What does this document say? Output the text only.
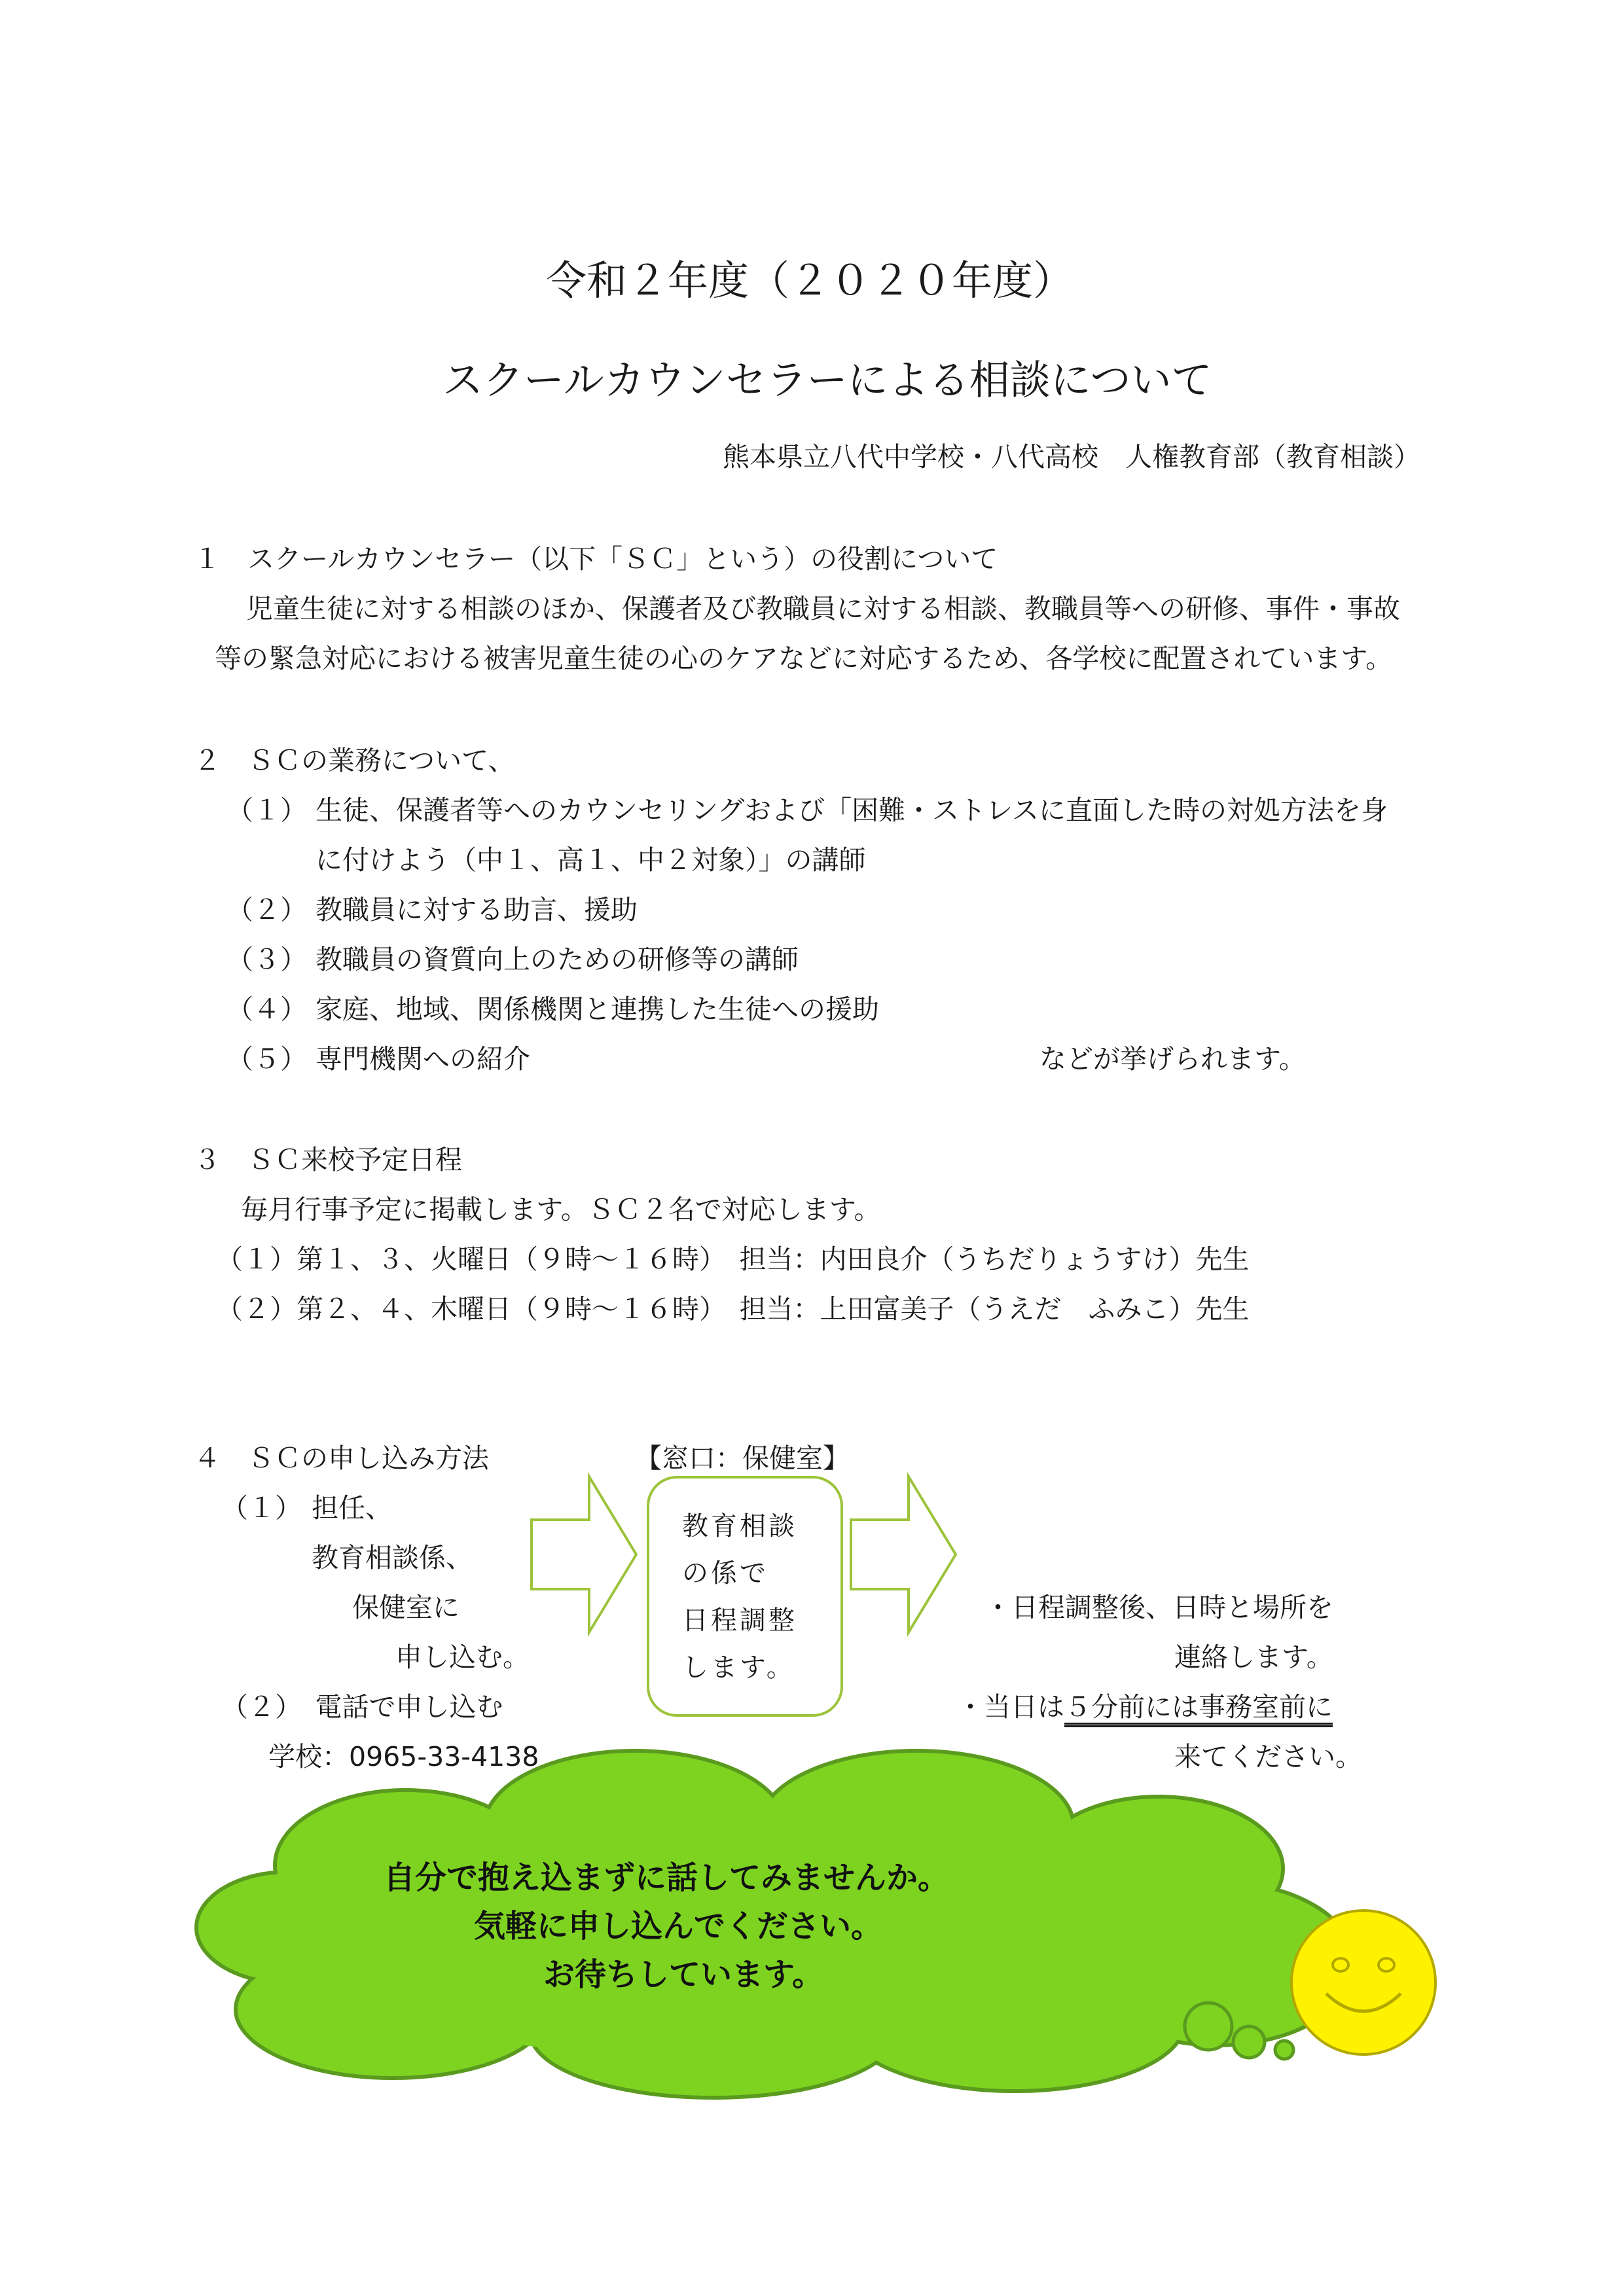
令和２年度（２０２０年度）
スクールカウンセラーによる相談について
熊本県立八代中学校・八代高校　人権教育部（教育相談）
１　スクールカウンセラー（以下「ＳＣ」という）の役割について
児童生徒に対する相談のほか、保護者及び教職員に対する相談、教職員等への研修、事件・事故
等の緊急対応における被害児童生徒の心のケアなどに対応するため、各学校に配置されています。
２　ＳＣの業務について、
（１） 生徒、保護者等へのカウンセリングおよび「困難・ストレスに直面した時の対処方法を身
に付けよう（中１、高１、中２対象）」の講師
（２） 教職員に対する助言、援助
（３） 教職員の資質向上のための研修等の講師
（４） 家庭、地域、関係機関と連携した生徒への援助
（５） 専門機関への紹介	などが挙げられます。
３　ＳＣ来校予定日程
毎月行事予定に掲載します。ＳＣ２名で対応します。
（１）第１、３、火曜日（９時～１６時）　担当：内田良介（うちだりょうすけ）先生
（２）第２、４、木曜日（９時～１６時）　担当：上田富美子（うえだ　ふみこ）先生
４　ＳＣの申し込み方法	【窓口：保健室】
（１） 担任、
教育相談係、
保健室に
申し込む。
教育相談
の係で
日程調整
します。
・日程調整後、日時と場所を
連絡します。
（２）　電話で申し込む	・当日は５分前には事務室前に
学校：0965-33-4138	来てください。
自分で抱え込まずに話してみませんか。
気軽に申し込んでください。
お待ちしています。
